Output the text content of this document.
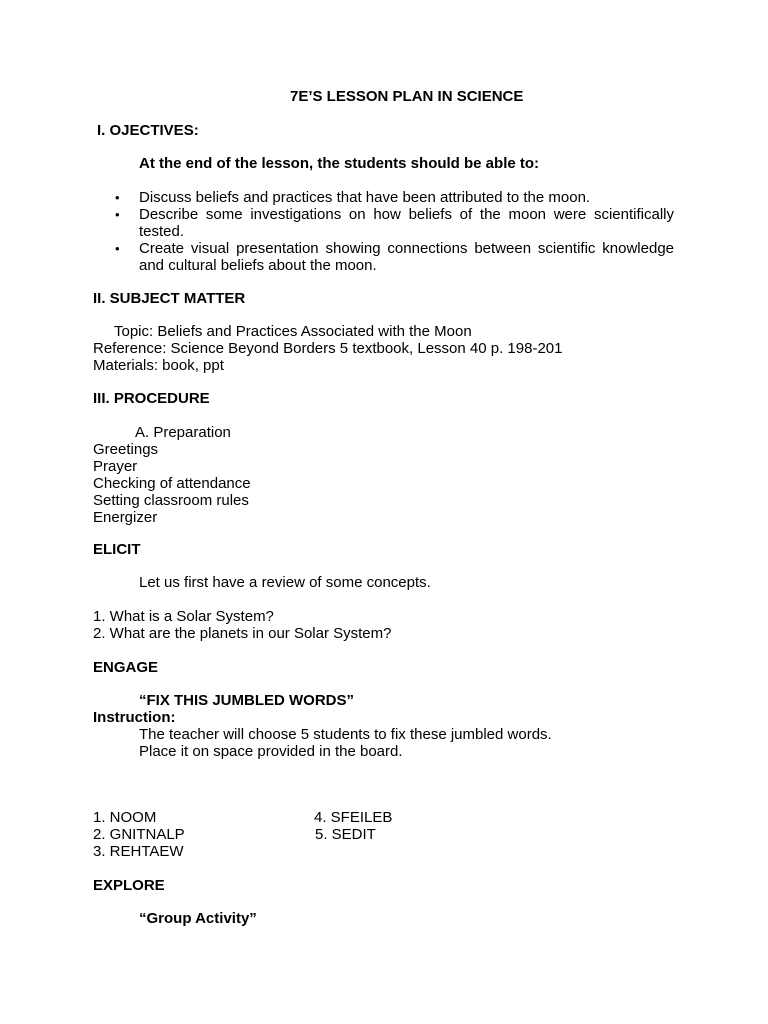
7E’S LESSON PLAN IN SCIENCE
I. OJECTIVES:
At the end of the lesson, the students should be able to:
• Discuss beliefs and practices that have been attributed to the moon.
• Describe some investigations on how beliefs of the moon were scientifically tested.
• Create visual presentation showing connections between scientific knowledge and cultural beliefs about the moon.
II. SUBJECT MATTER
Topic: Beliefs and Practices Associated with the Moon
Reference: Science Beyond Borders 5 textbook, Lesson 40 p. 198-201
Materials: book, ppt
III. PROCEDURE
A. Preparation
Greetings
Prayer
Checking of attendance
Setting classroom rules
Energizer
ELICIT
Let us first have a review of some concepts.
1. What is a Solar System?
2. What are the planets in our Solar System?
ENGAGE
“FIX THIS JUMBLED WORDS”
Instruction:
The teacher will choose 5 students to fix these jumbled words.
Place it on space provided in the board.
1. NOOM
2. GNITNALP
3. REHTAEW
4. SFEILEB
5. SEDIT
EXPLORE
“Group Activity”
